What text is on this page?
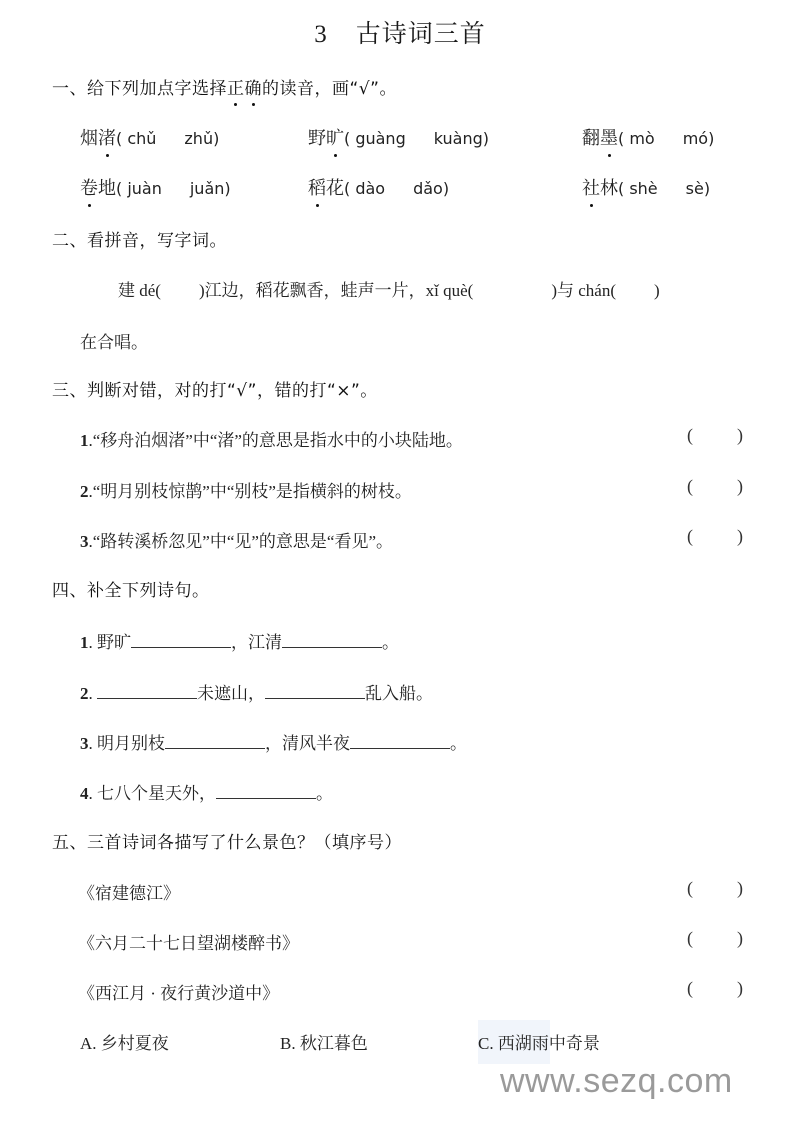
3 古诗词三首
一、给下列加点字选择正确的读音，画“√”。
烟渚( chǔ zhǔ)	野旷( guàng kuàng)	翻墨( mò mó)
卷地( juàn juǎn)	稻花( dào dǎo)	社林( shè sè)
二、看拼音，写字词。
建 dé( )江边，稻花飘香，蛙声一片，xǐ què(	)与 chán( )
在合唱。
三、判断对错，对的打“√”，错的打“×”。
1.“移舟泊烟渚”中“渚”的意思是指水中的小块陆地。	( )
2.“明月别枝惊鹊”中“别枝”是指横斜的树枝。	( )
3.“路转溪桥忽见”中“见”的意思是“看见”。	( )
四、补全下列诗句。
1. 野旷	，江清	。
2.	未遮山，	乱入船。
3. 明月别枝	，清风半夜	。
4. 七八个星天外，	。
五、三首诗词各描写了什么景色？（填序号）
《宿建德江》	( )
《六月二十七日望湖楼醉书》	( )
《西江月 · 夜行黄沙道中》	( )
A. 乡村夏夜	B. 秋江暮色	C. 西湖雨中奇景
www.sezq.com
